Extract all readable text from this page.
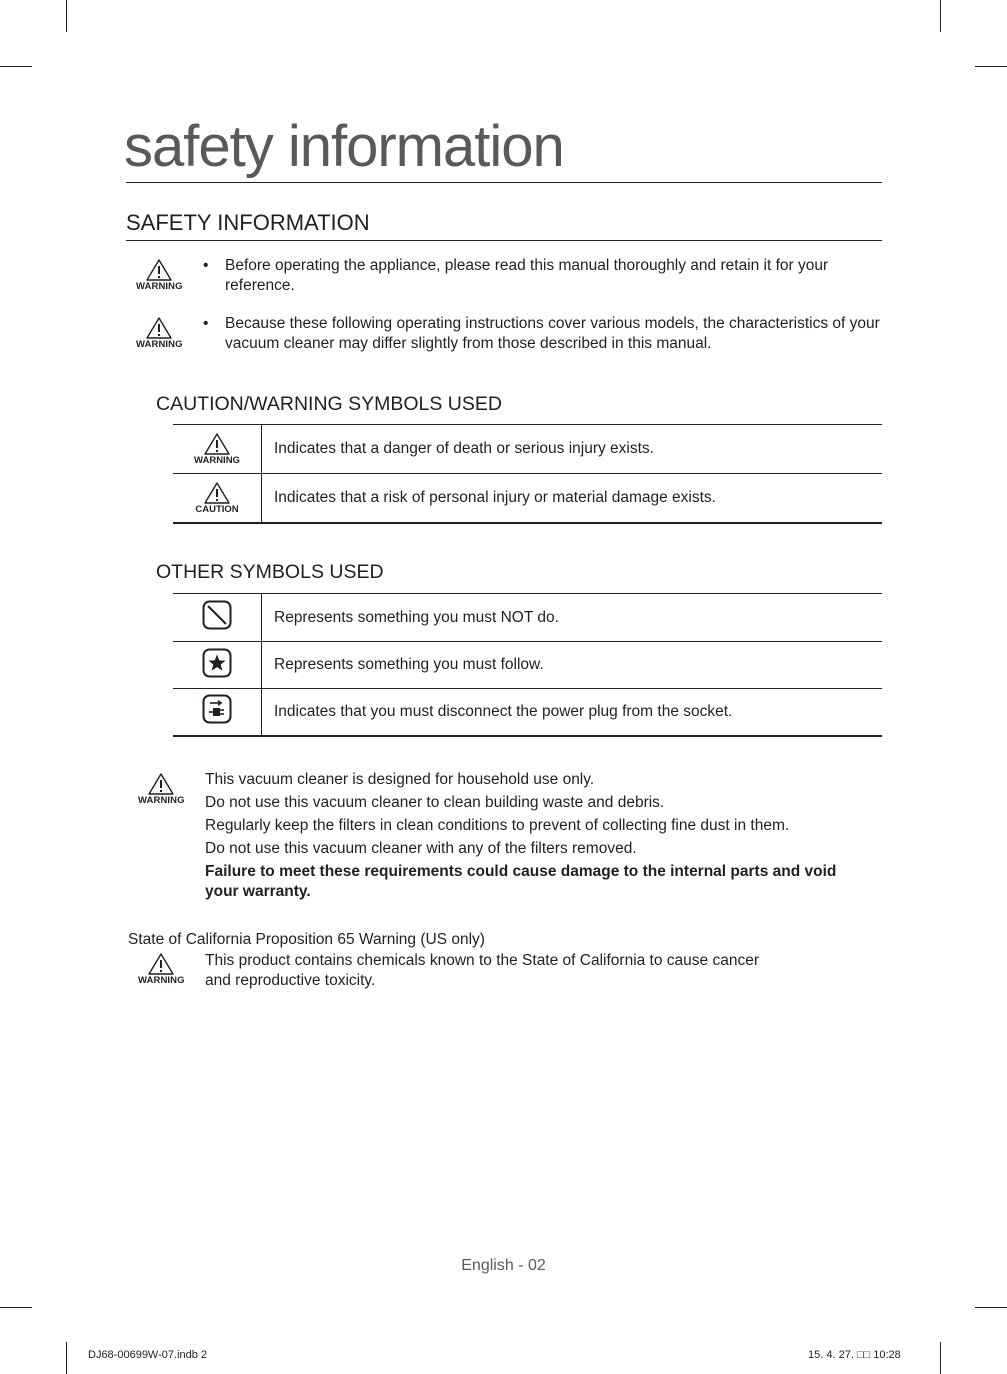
safety information
SAFETY INFORMATION
WARNING
• Before operating the appliance, please read this manual thoroughly and retain it for your reference.
WARNING
• Because these following operating instructions cover various models, the characteristics of your vacuum cleaner may differ slightly from those described in this manual.
CAUTION/WARNING SYMBOLS USED
WARNING	Indicates that a danger of death or serious injury exists.

CAUTION	Indicates that a risk of personal injury or material damage exists.
OTHER SYMBOLS USED
	Represents something you must NOT do.

	Represents something you must follow.

	Indicates that you must disconnect the power plug from the socket.
WARNING
This vacuum cleaner is designed for household use only.
Do not use this vacuum cleaner to clean building waste and debris.
Regularly keep the filters in clean conditions to prevent of collecting fine dust in them.
Do not use this vacuum cleaner with any of the filters removed.
Failure to meet these requirements could cause damage to the internal parts and void your warranty.
State of California Proposition 65 Warning (US only)
WARNING
This product contains chemicals known to the State of California to cause cancer
and reproductive toxicity.
English - 02
DJ68-00699W-07.indb 2	15. 4. 27. □□ 10:28
